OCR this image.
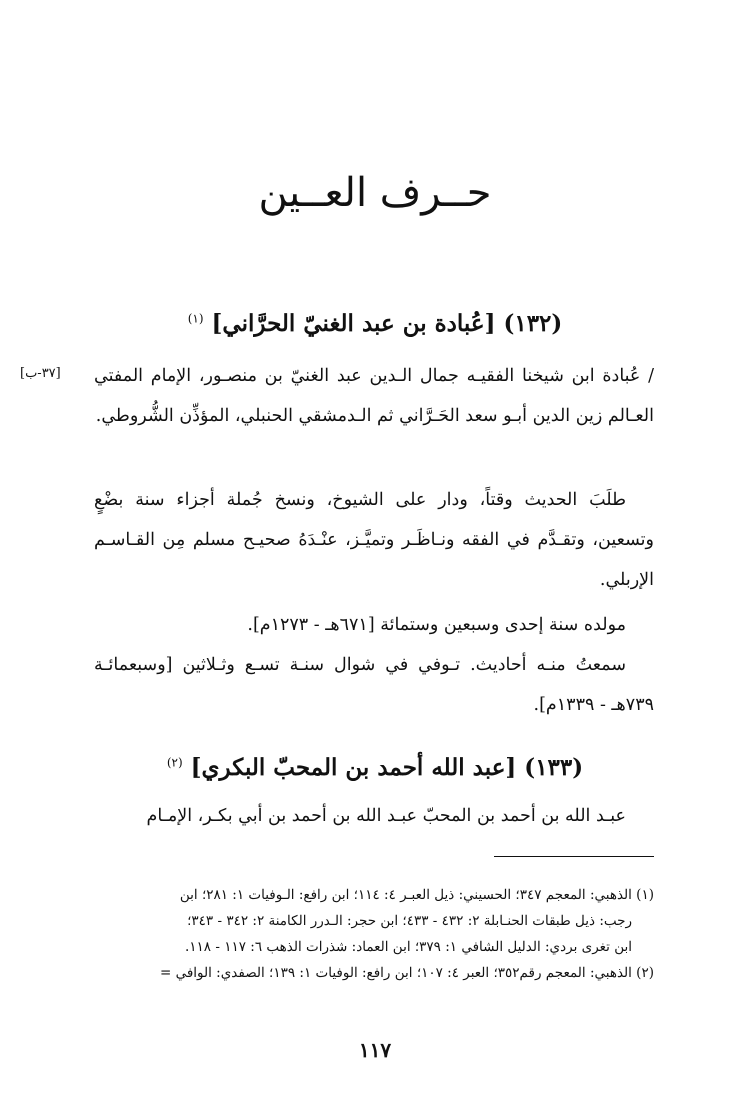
حــرف العــين
(١٣٢) [عُبادة بن عبد الغنيّ الحرَّاني] $^{(١)}$
[٣٧-ب]	/ عُبادة ابن شيخنا الفقيـه جمال الـدين عبد الغنيّ بن منصـور، الإمام المفتي العـالم زين الدين أبـو سعد الحَـرَّاني ثم الـدمشقي الحنبلي، المؤذِّن الشُّروطي.

طلَبَ الحديث وقتاً، ودار على الشيوخ، ونسخ جُملة أجزاء سنة بضْعٍ وتسعين، وتقـدَّم في الفقه ونـاظَـر وتميَّـز، عنْـدَهُ صحيـح مسلم مِن القـاسـم الإربلي.

مولده سنة إحدى وسبعين وستمائة [٦٧١هـ - ١٢٧٣م].

سمعتُ منـه أحاديث. تـوفي في شوال سنـة تسـع وثـلاثين [وسبعمائـة ٧٣٩هـ - ١٣٣٩م].

(١٣٣) [عبد الله أحمد بن المحبّ البكري] $^{(٢)}$

عبـد الله بن أحمد بن المحبّ عبـد الله بن أحمد بن أبي بكـر، الإمـام

(١) الذهبي: المعجم ٣٤٧؛ الحسيني: ذيل العبـر ٤: ١١٤؛ ابن رافع: الـوفيات ١: ٢٨١؛ ابن
رجب: ذيل طبقات الحنـابلة ٢: ٤٣٢ - ٤٣٣؛ ابن حجر: الـدرر الكامنة ٢: ٣٤٢ - ٣٤٣؛
ابن تغرى بردي: الدليل الشافي ١: ٣٧٩؛ ابن العماد: شذرات الذهب ٦: ١١٧ - ١١٨.
(٢) الذهبي: المعجم رقم٣٥٢؛ العبر ٤: ١٠٧؛ ابن رافع: الوفيات ١: ١٣٩؛ الصفدي: الوافي =
١١٧
